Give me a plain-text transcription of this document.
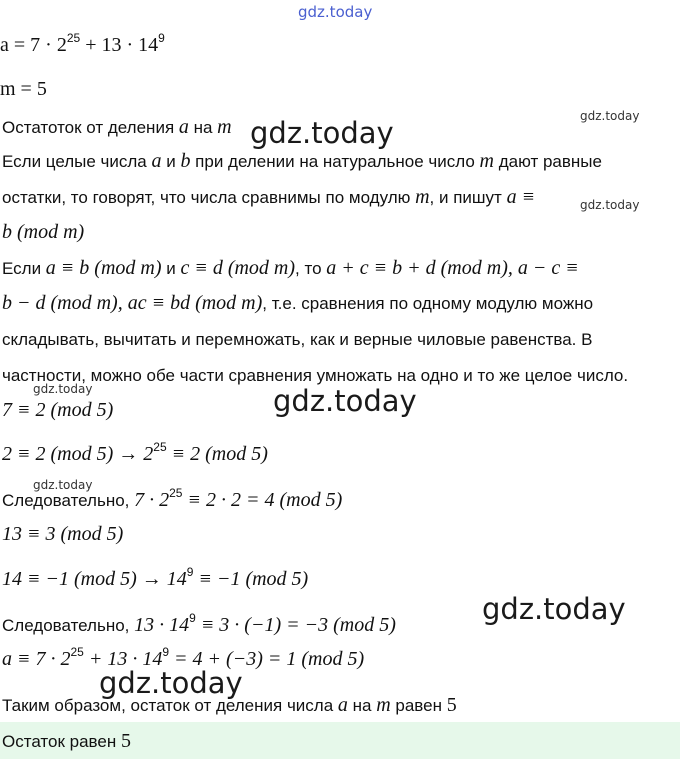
gdz.today
gdz.today
gdz.today
gdz.today
gdz.today
gdz.today
gdz.today
gdz.today
gdz.today
$a = 7 \cdot 2^{25} + 13 \cdot 14^9$
m = 5
Остатоток от деления a на m
Если целые числа a и b при делении на натуральное число m дают равные
остатки, то говорят, что числа сравнимы по модулю m, и пишут a ≡
b (mod m)
Если a ≡ b (mod m) и c ≡ d (mod m), то a + c ≡ b + d (mod m), a − c ≡
b − d (mod m), ac ≡ bd (mod m), т.е. сравнения по одному модулю можно
складывать, вычитать и перемножать, как и верные чиловые равенства. В
частности, можно обе части сравнения умножать на одно и то же целое число.
7 ≡ 2 (mod 5)
2 ≡ 2 (mod $5) \to 2^{25} \equiv 2$ (mod 5)
Следовательно, $7 \cdot 2^{25} \equiv 2 \cdot 2 = 4$ (mod 5)
13 ≡ 3 (mod 5)
14 ≡ −1 (mod $5) \to 14^9 \equiv -1$ (mod 5)
Следовательно, $13 \cdot 14^9 \equiv 3 \cdot (-1) = -3$ (mod 5)
$a \equiv 7 \cdot 2^{25} + 13 \cdot 14^9 = 4 + (-3) = 1$ (mod 5)
Таким образом, остаток от деления числа a на m равен 5
Остаток равен 5
